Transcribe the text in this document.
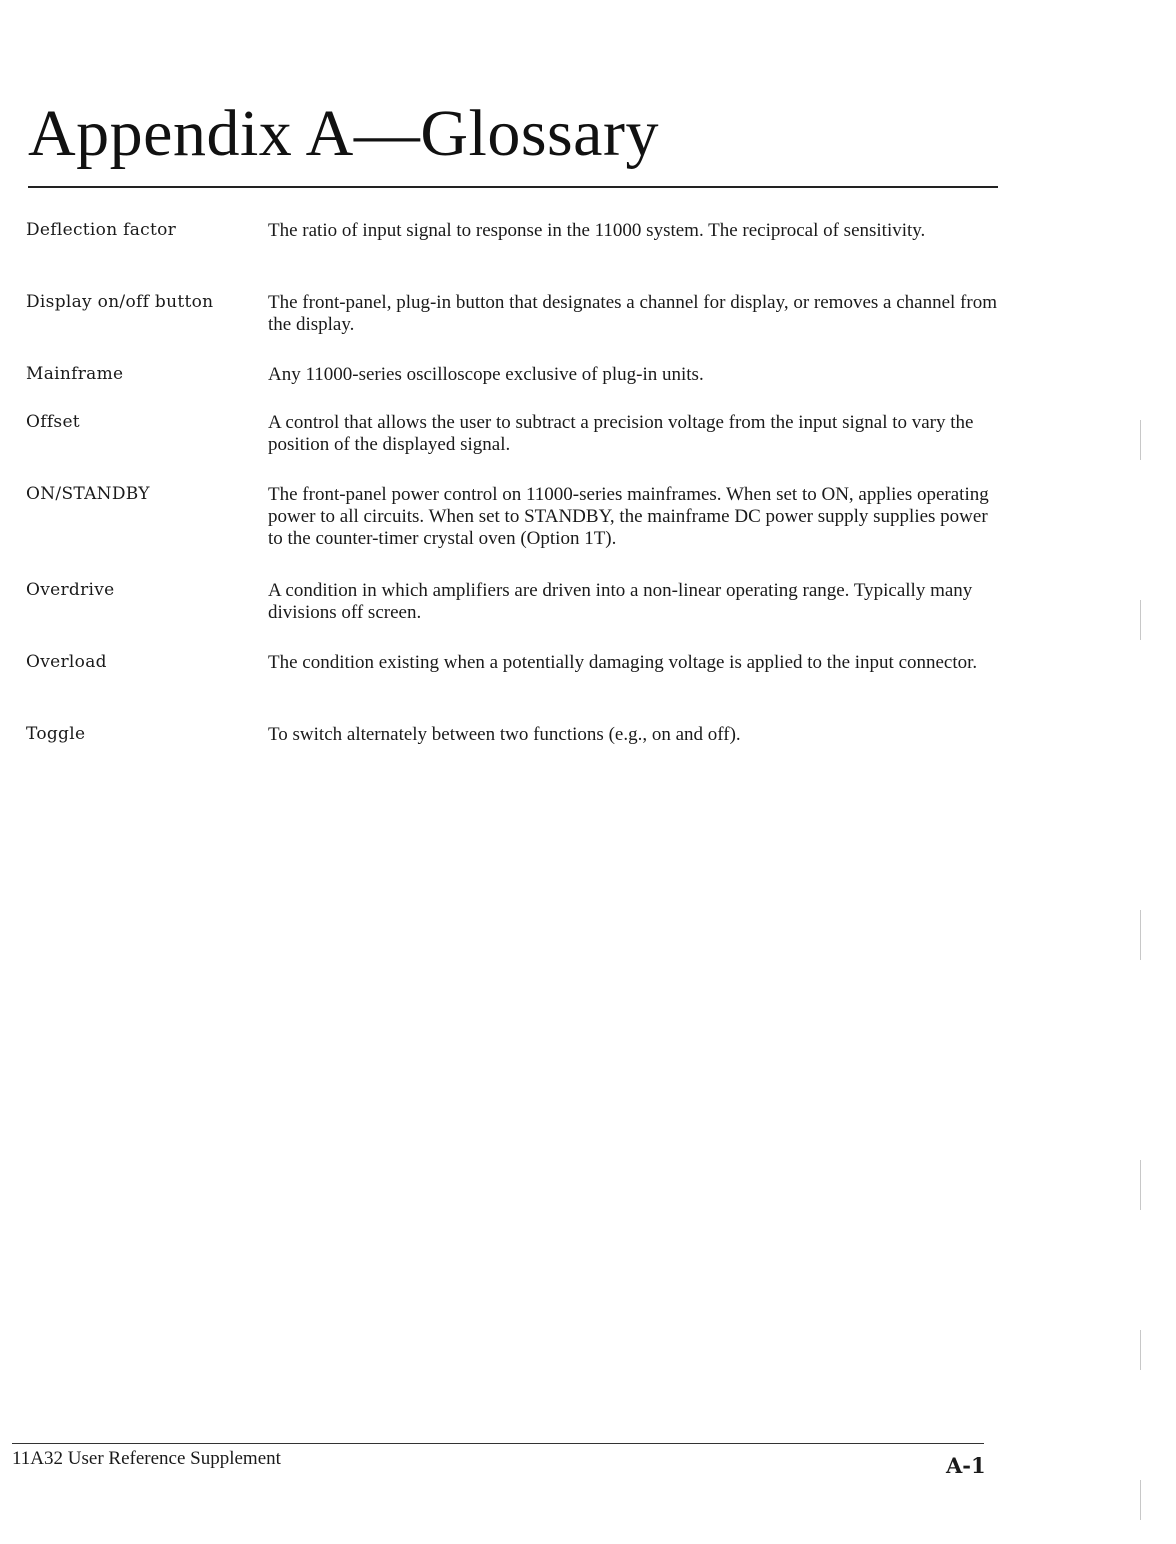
Appendix A—Glossary
Deflection factor	The ratio of input signal to response in the 11000 system. The reciprocal of sensitivity.
Display on/off button	The front-panel, plug-in button that designates a channel for display, or removes a channel from the display.
Mainframe	Any 11000-series oscilloscope exclusive of plug-in units.
Offset	A control that allows the user to subtract a precision voltage from the input signal to vary the position of the displayed signal.
ON/STANDBY	The front-panel power control on 11000-series mainframes. When set to ON, applies operating power to all circuits. When set to STANDBY, the mainframe DC power supply supplies power to the counter-timer crystal oven (Option 1T).
Overdrive	A condition in which amplifiers are driven into a non-linear operating range. Typically many divisions off screen.
Overload	The condition existing when a potentially damaging voltage is applied to the input connector.
Toggle	To switch alternately between two functions (e.g., on and off).
11A32 User Reference Supplement	A-1
